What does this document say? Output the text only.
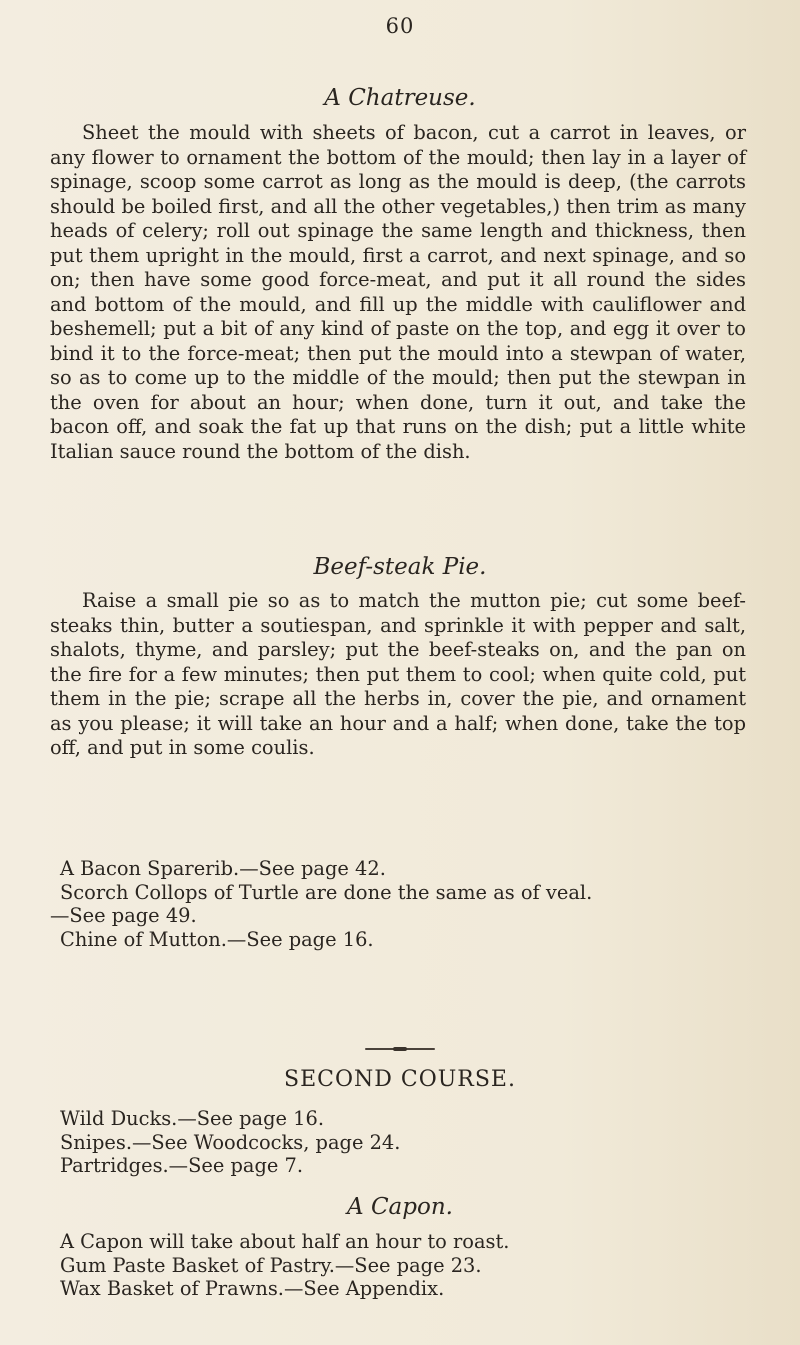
60
A Chatreuse.
Sheet the mould with sheets of bacon, cut a carrot in leaves, or any flower to ornament the bottom of the mould; then lay in a layer of spinage, scoop some carrot as long as the mould is deep, (the carrots should be boiled first, and all the other vegetables,) then trim as many heads of celery; roll out spinage the same length and thickness, then put them upright in the mould, first a carrot, and next spinage, and so on; then have some good force-meat, and put it all round the sides and bottom of the mould, and fill up the middle with cauliflower and beshemell; put a bit of any kind of paste on the top, and egg it over to bind it to the force-meat; then put the mould into a stewpan of water, so as to come up to the middle of the mould; then put the stewpan in the oven for about an hour; when done, turn it out, and take the bacon off, and soak the fat up that runs on the dish; put a little white Italian sauce round the bottom of the dish.
Beef-steak Pie.
Raise a small pie so as to match the mutton pie; cut some beef-steaks thin, butter a soutiespan, and sprinkle it with pepper and salt, shalots, thyme, and parsley; put the beef-steaks on, and the pan on the fire for a few minutes; then put them to cool; when quite cold, put them in the pie; scrape all the herbs in, cover the pie, and ornament as you please; it will take an hour and a half; when done, take the top off, and put in some coulis.
A Bacon Sparerib.—See page 42.
Scorch Collops of Turtle are done the same as of veal.
—See page 49.
Chine of Mutton.—See page 16.
SECOND COURSE.
Wild Ducks.—See page 16.
Snipes.—See Woodcocks, page 24.
Partridges.—See page 7.
A Capon.
A Capon will take about half an hour to roast.
Gum Paste Basket of Pastry.—See page 23.
Wax Basket of Prawns.—See Appendix.
